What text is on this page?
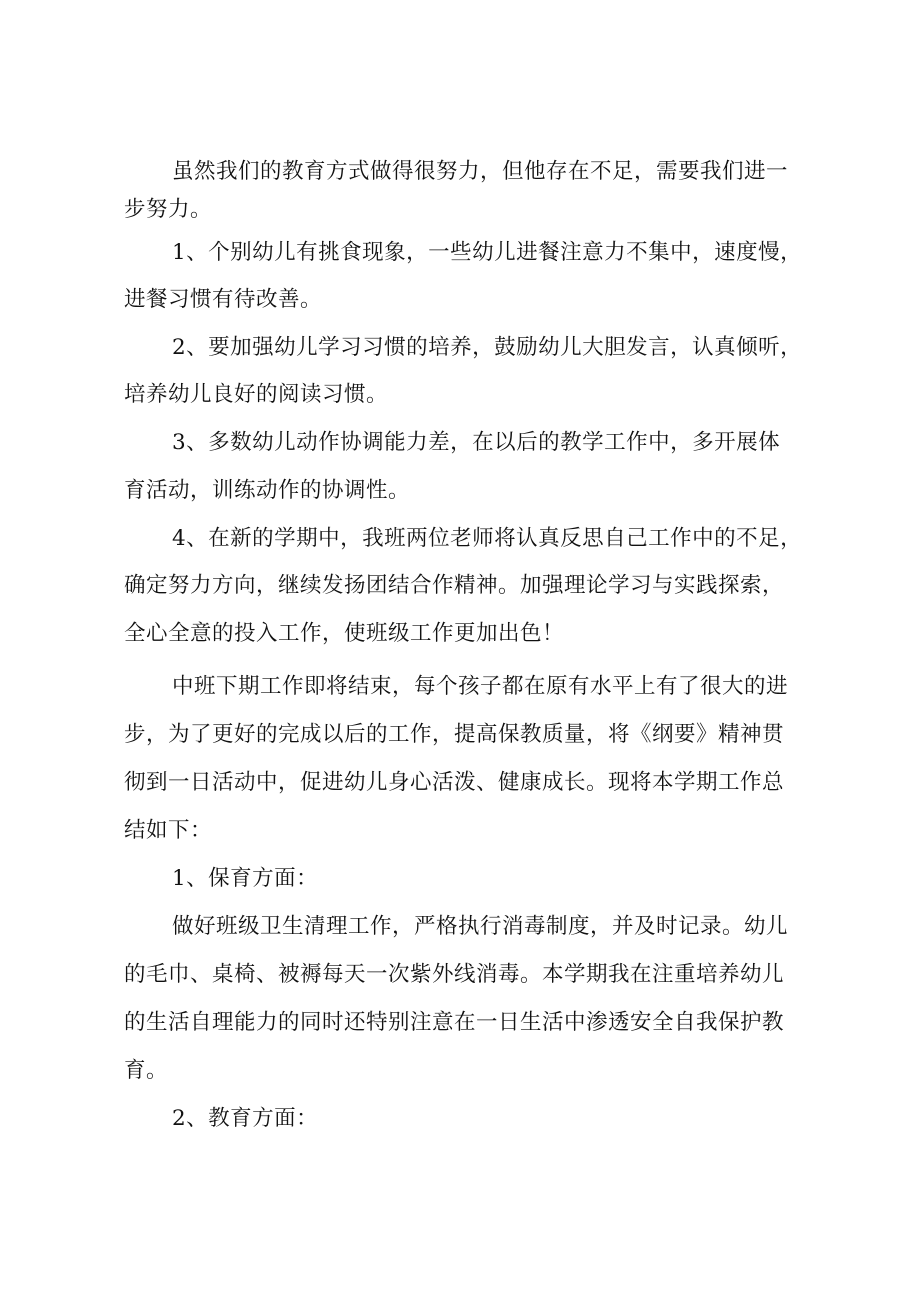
虽然我们的教育方式做得很努力，但他存在不足，需要我们进一
步努力。
1、个别幼儿有挑食现象，一些幼儿进餐注意力不集中，速度慢，
进餐习惯有待改善。
2、要加强幼儿学习习惯的培养，鼓励幼儿大胆发言，认真倾听，
培养幼儿良好的阅读习惯。
3、多数幼儿动作协调能力差，在以后的教学工作中，多开展体
育活动，训练动作的协调性。
4、在新的学期中，我班两位老师将认真反思自己工作中的不足，
确定努力方向，继续发扬团结合作精神。加强理论学习与实践探索，
全心全意的投入工作，使班级工作更加出色！
中班下期工作即将结束，每个孩子都在原有水平上有了很大的进
步，为了更好的完成以后的工作，提高保教质量，将《纲要》精神贯
彻到一日活动中，促进幼儿身心活泼、健康成长。现将本学期工作总
结如下：
1、保育方面：
做好班级卫生清理工作，严格执行消毒制度，并及时记录。幼儿
的毛巾、桌椅、被褥每天一次紫外线消毒。本学期我在注重培养幼儿
的生活自理能力的同时还特别注意在一日生活中渗透安全自我保护教
育。
2、教育方面：
